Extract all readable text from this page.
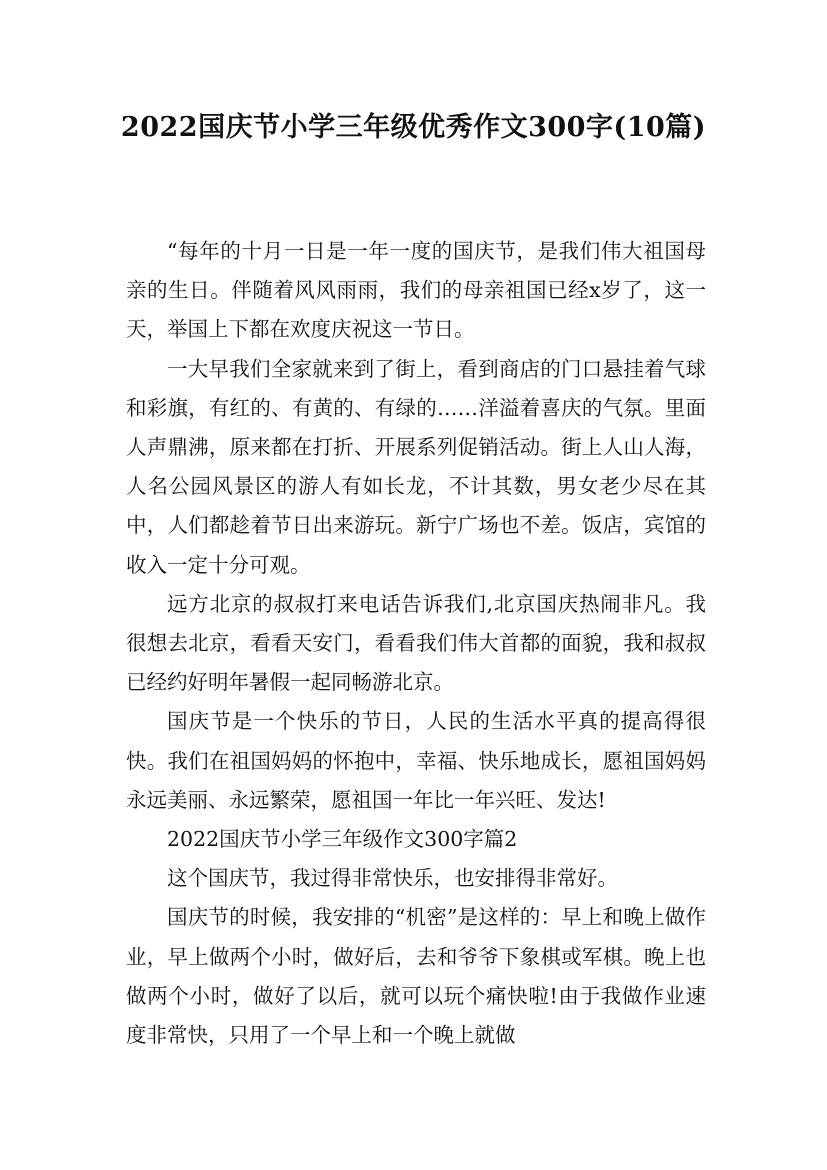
2022国庆节小学三年级优秀作文300字(10篇)

“每年的十月一日是一年一度的国庆节，是我们伟大祖国母亲的生日。伴随着风风雨雨，我们的母亲祖国已经x岁了，这一天，举国上下都在欢度庆祝这一节日。

一大早我们全家就来到了街上，看到商店的门口悬挂着气球和彩旗，有红的、有黄的、有绿的……洋溢着喜庆的气氛。里面人声鼎沸，原来都在打折、开展系列促销活动。街上人山人海，人名公园风景区的游人有如长龙，不计其数，男女老少尽在其中，人们都趁着节日出来游玩。新宁广场也不差。饭店，宾馆的收入一定十分可观。

远方北京的叔叔打来电话告诉我们,北京国庆热闹非凡。我很想去北京，看看天安门，看看我们伟大首都的面貌，我和叔叔已经约好明年暑假一起同畅游北京。

国庆节是一个快乐的节日，人民的生活水平真的提高得很快。我们在祖国妈妈的怀抱中，幸福、快乐地成长，愿祖国妈妈永远美丽、永远繁荣，愿祖国一年比一年兴旺、发达!

2022国庆节小学三年级作文300字篇2

这个国庆节，我过得非常快乐，也安排得非常好。

国庆节的时候，我安排的“机密”是这样的：早上和晚上做作业，早上做两个小时，做好后，去和爷爷下象棋或军棋。晚上也做两个小时，做好了以后，就可以玩个痛快啦!由于我做作业速度非常快，只用了一个早上和一个晚上就做
